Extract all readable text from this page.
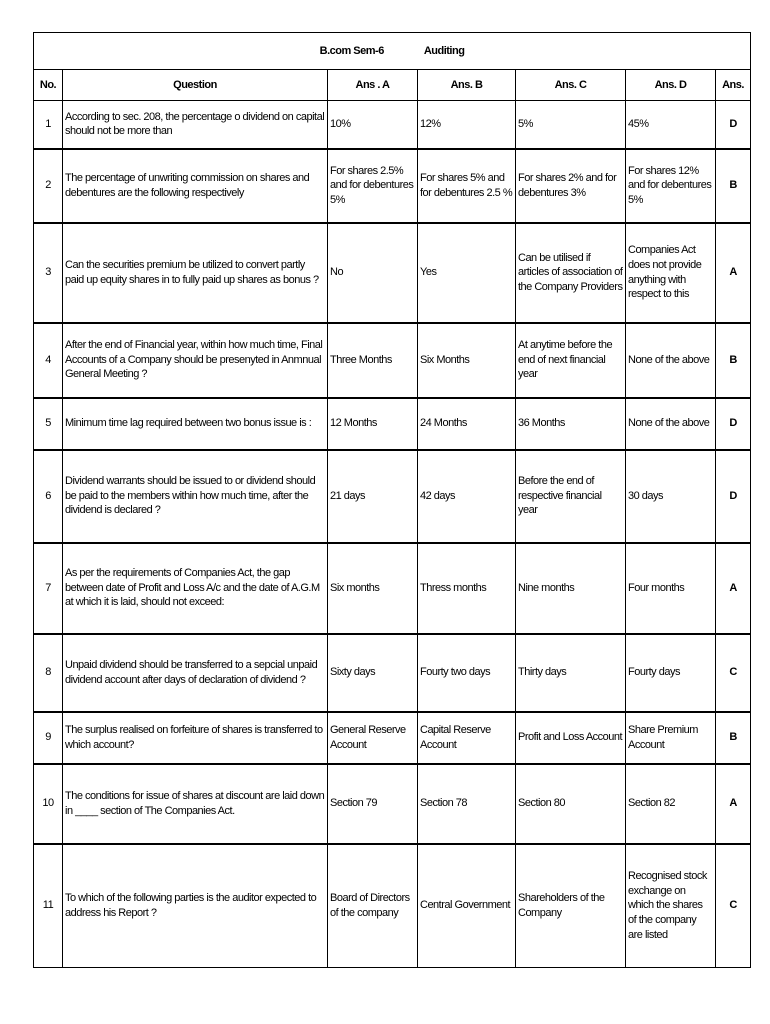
B.com Sem-6 Auditing						
No.	Question	Ans . A	Ans. B	Ans. C	Ans. D	Ans.
1	According to sec. 208, the percentage o dividend on capital should not be more than	10%	12%	5%	45%	D
2	The percentage of unwriting commission on shares and debentures are the following respectively	For shares 2.5% and for debentures 5%	For shares 5% and for debentures 2.5 %	For shares 2% and for debentures 3%	For shares 12% and for debentures 5%	B
3	Can the securities premium be utilized to convert partly paid up equity shares in to fully paid up shares as bonus ?	No	Yes	Can be utilised if articles of association of the Company Providers	Companies Act does not provide anything with respect to this	A
4	After the end of Financial year, within how much time, Final Accounts of a Company should be presenyted in Anmnual General Meeting ?	Three Months	Six Months	At anytime before the end of next financial year	None of the above	B
5	Minimum time lag required between two bonus issue is :	12 Months	24 Months	36 Months	None of the above	D
6	Dividend warrants should be issued to or dividend should be paid to the members within how much time, after the dividend is declared ?	21 days	42 days	Before the end of respective financial year	30 days	D
7	As per the requirements of Companies Act, the gap between date of Profit and Loss A/c and the date of A.G.M at which it is laid, should not exceed:	Six months	Thress months	Nine months	Four months	A
8	Unpaid dividend should be transferred to a sepcial unpaid dividend account after days of declaration of dividend ?	Sixty days	Fourty two days	Thirty days	Fourty days	C
9	The surplus realised on forfeiture of shares is transferred to which account?	General Reserve Account	Capital Reserve Account	Profit and Loss Account	Share Premium Account	B
10	The conditions for issue of shares at discount are laid down in ____ section of The Companies Act.	Section 79	Section 78	Section 80	Section 82	A
11	To which of the following parties is the auditor expected to address his Report ?	Board of Directors of the company	Central Government	Shareholders of the Company	Recognised stock exchange on which the shares of the company are listed	C
